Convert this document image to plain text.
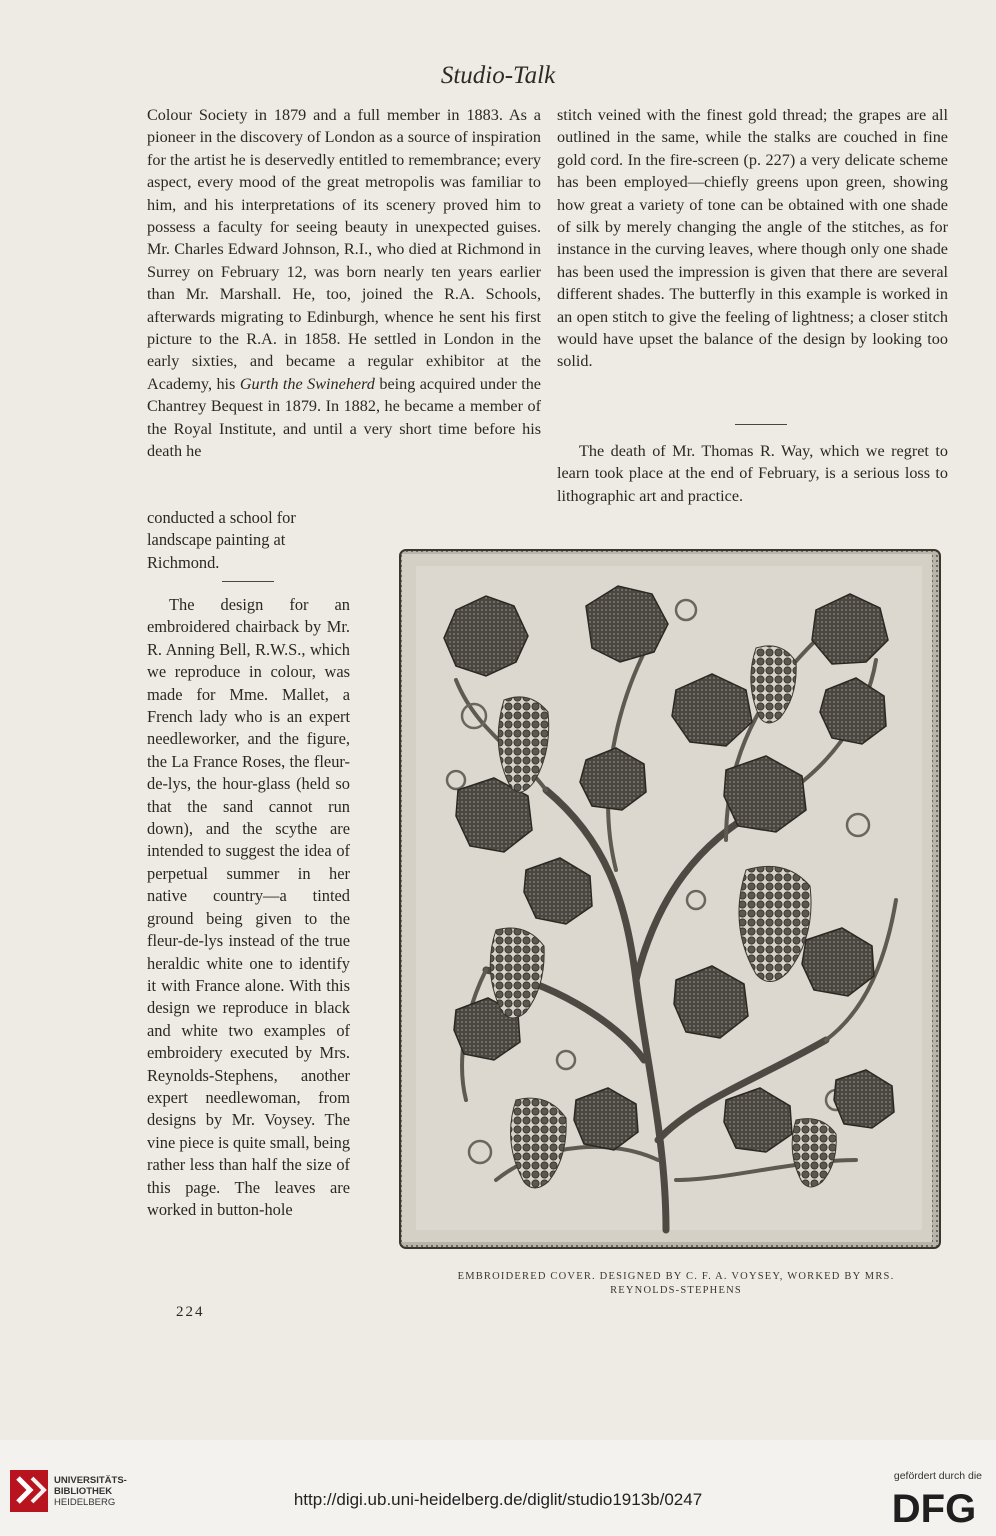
Studio-Talk

Colour Society in 1879 and a full member in 1883. As a pioneer in the discovery of London as a source of inspiration for the artist he is deservedly entitled to remembrance; every aspect, every mood of the great metropolis was familiar to him, and his interpretations of its scenery proved him to possess a faculty for seeing beauty in unexpected guises. Mr. Charles Edward Johnson, R.I., who died at Richmond in Surrey on February 12, was born nearly ten years earlier than Mr. Marshall. He, too, joined the R.A. Schools, afterwards migrating to Edinburgh, whence he sent his first picture to the R.A. in 1858. He settled in London in the early sixties, and became a regular exhibitor at the Academy, his Gurth the Swineherd being acquired under the Chantrey Bequest in 1879. In 1882, he became a member of the Royal Institute, and until a very short time before his death he

conducted a school for landscape painting at Richmond.

The design for an embroidered chairback by Mr. R. Anning Bell, R.W.S., which we reproduce in colour, was made for Mme. Mallet, a French lady who is an expert needleworker, and the figure, the La France Roses, the fleur-de-lys, the hour-glass (held so that the sand cannot run down), and the scythe are intended to suggest the idea of perpetual summer in her native country—a tinted ground being given to the fleur-de-lys instead of the true heraldic white one to identify it with France alone. With this design we reproduce in black and white two examples of embroidery executed by Mrs. Reynolds-Stephens, another expert needlewoman, from designs by Mr. Voysey. The vine piece is quite small, being rather less than half the size of this page. The leaves are worked in button-hole

stitch veined with the finest gold thread; the grapes are all outlined in the same, while the stalks are couched in fine gold cord. In the fire-screen (p. 227) a very delicate scheme has been employed—chiefly greens upon green, showing how great a variety of tone can be obtained with one shade of silk by merely changing the angle of the stitches, as for instance in the curving leaves, where though only one shade has been used the impression is given that there are several different shades. The butterfly in this example is worked in an open stitch to give the feeling of lightness; a closer stitch would have upset the balance of the design by looking too solid.

The death of Mr. Thomas R. Way, which we regret to learn took place at the end of February, is a serious loss to lithographic art and practice.

EMBROIDERED COVER. DESIGNED BY C. F. A. VOYSEY, WORKED BY MRS.
REYNOLDS-STEPHENS
224
UNIVERSITÄTS-
BIBLIOTHEK
HEIDELBERG	http://digi.ub.uni-heidelberg.de/diglit/studio1913b/0247
gefördert durch die
DFG
